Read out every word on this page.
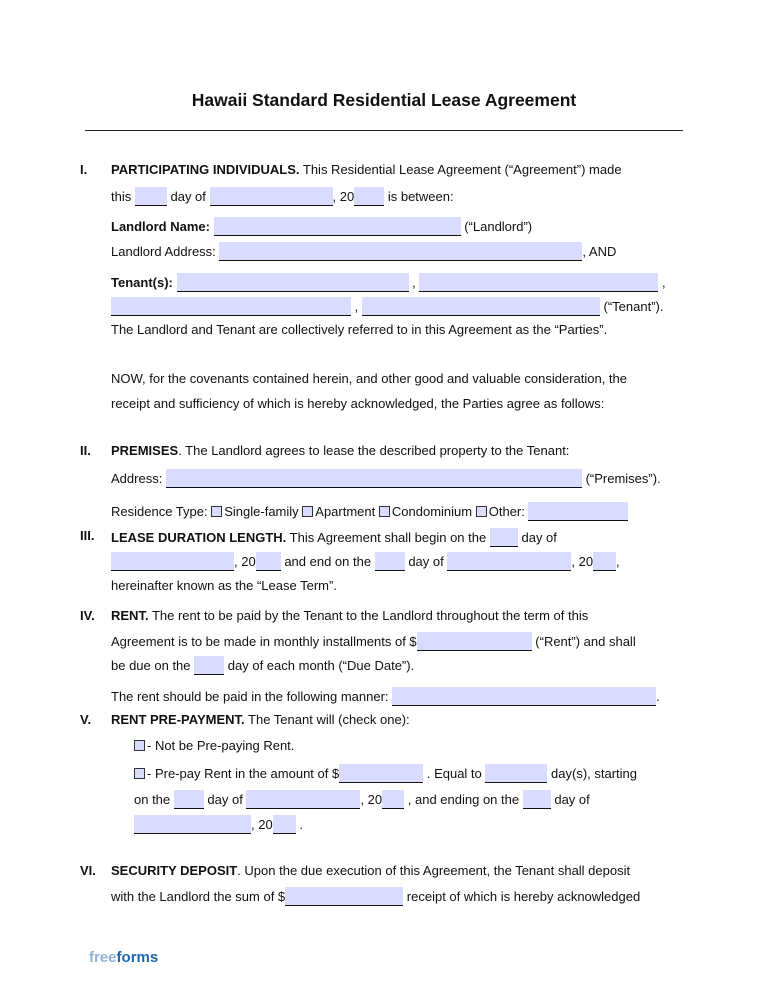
Hawaii Standard Residential Lease Agreement
I. PARTICIPATING INDIVIDUALS. This Residential Lease Agreement (“Agreement”) made
this	day of	, 20	is between:
Landlord Name:	(“Landlord”)
Landlord Address:	, AND
Tenant(s):	,	,
,	(“Tenant”).
The Landlord and Tenant are collectively referred to in this Agreement as the “Parties”.
NOW, for the covenants contained herein, and other good and valuable consideration, the
receipt and sufficiency of which is hereby acknowledged, the Parties agree as follows:
II. PREMISES. The Landlord agrees to lease the described property to the Tenant:
Address:	(“Premises”).
Residence Type: Single-family Apartment Condominium Other:
III. LEASE DURATION LENGTH. This Agreement shall begin on the	day of
, 20 and end on the	day of	, 20 ,
hereinafter known as the “Lease Term”.
IV. RENT. The rent to be paid by the Tenant to the Landlord throughout the term of this
Agreement is to be made in monthly installments of $	(“Rent”) and shall
be due on the	day of each month (“Due Date”).
The rent should be paid in the following manner:	.
V. RENT PRE-PAYMENT. The Tenant will (check one):
- Not be Pre-paying Rent.
- Pre-pay Rent in the amount of $	. Equal to	day(s), starting
on the	day of	, 20 , and ending on the	day of
, 20 .
VI. SECURITY DEPOSIT. Upon the due execution of this Agreement, the Tenant shall deposit
with the Landlord the sum of $	receipt of which is hereby acknowledged
freeforms
